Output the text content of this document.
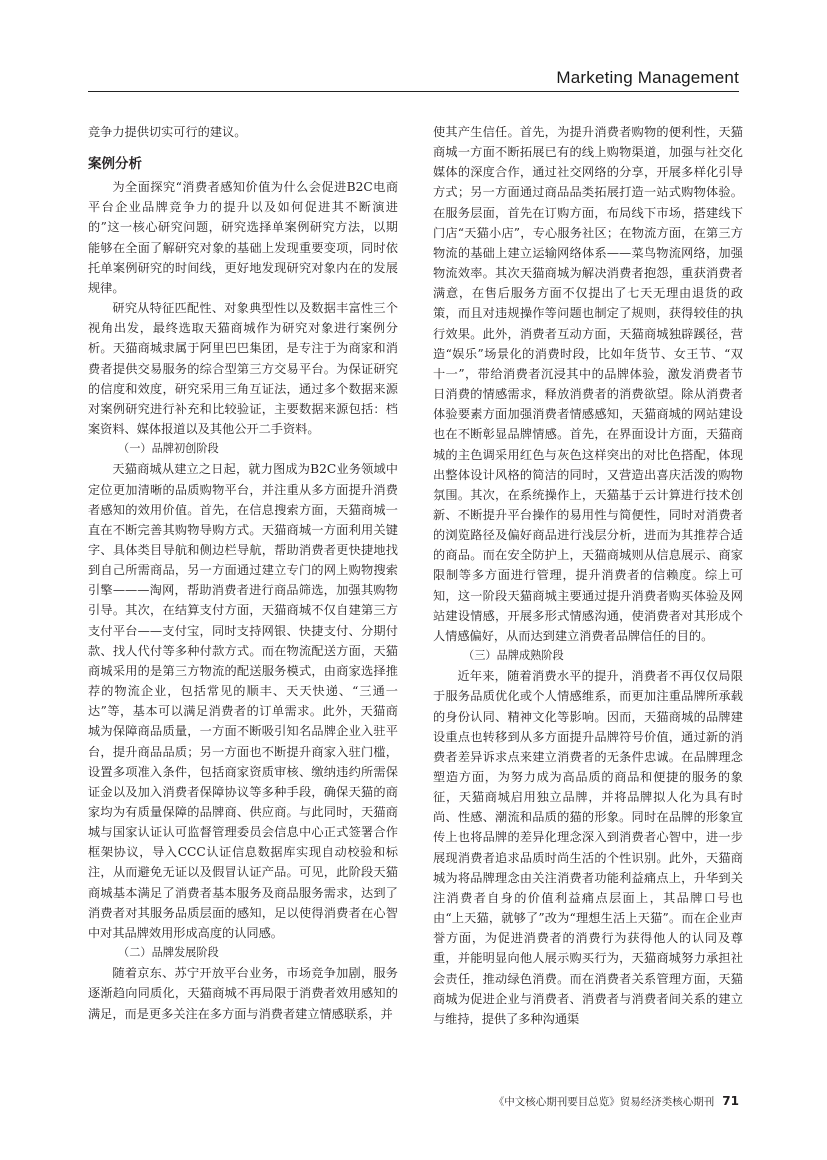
Marketing Management

竞争力提供切实可行的建议。

案例分析

为全面探究“消费者感知价值为什么会促进B2C电商平台企业品牌竞争力的提升以及如何促进其不断演进的”这一核心研究问题，研究选择单案例研究方法，以期能够在全面了解研究对象的基础上发现重要变项，同时依托单案例研究的时间线，更好地发现研究对象内在的发展规律。

研究从特征匹配性、对象典型性以及数据丰富性三个视角出发，最终选取天猫商城作为研究对象进行案例分析。天猫商城隶属于阿里巴巴集团，是专注于为商家和消费者提供交易服务的综合型第三方交易平台。为保证研究的信度和效度，研究采用三角互证法，通过多个数据来源对案例研究进行补充和比较验证，主要数据来源包括：档案资料、媒体报道以及其他公开二手资料。

（一）品牌初创阶段

天猫商城从建立之日起，就力图成为B2C业务领域中定位更加清晰的品质购物平台，并注重从多方面提升消费者感知的效用价值。首先，在信息搜索方面，天猫商城一直在不断完善其购物导购方式。天猫商城一方面利用关键字、具体类目导航和侧边栏导航，帮助消费者更快捷地找到自己所需商品，另一方面通过建立专门的网上购物搜索引擎———淘网，帮助消费者进行商品筛选，加强其购物引导。其次，在结算支付方面，天猫商城不仅自建第三方支付平台——支付宝，同时支持网银、快捷支付、分期付款、找人代付等多种付款方式。而在物流配送方面，天猫商城采用的是第三方物流的配送服务模式，由商家选择推荐的物流企业，包括常见的顺丰、天天快递、“三通一达”等，基本可以满足消费者的订单需求。此外，天猫商城为保障商品质量，一方面不断吸引知名品牌企业入驻平台，提升商品品质；另一方面也不断提升商家入驻门槛，设置多项准入条件，包括商家资质审核、缴纳违约所需保证金以及加入消费者保障协议等多种手段，确保天猫的商家均为有质量保障的品牌商、供应商。与此同时，天猫商城与国家认证认可监督管理委员会信息中心正式签署合作框架协议，导入CCC认证信息数据库实现自动校验和标注，从而避免无证以及假冒认证产品。可见，此阶段天猫商城基本满足了消费者基本服务及商品服务需求，达到了消费者对其服务品质层面的感知，足以使得消费者在心智中对其品牌效用形成高度的认同感。

（二）品牌发展阶段

随着京东、苏宁开放平台业务，市场竞争加剧，服务逐渐趋向同质化，天猫商城不再局限于消费者效用感知的满足，而是更多关注在多方面与消费者建立情感联系，并

使其产生信任。首先，为提升消费者购物的便利性，天猫商城一方面不断拓展已有的线上购物渠道，加强与社交化媒体的深度合作，通过社交网络的分享，开展多样化引导方式；另一方面通过商品品类拓展打造一站式购物体验。在服务层面，首先在订购方面，布局线下市场，搭建线下门店“天猫小店”，专心服务社区；在物流方面，在第三方物流的基础上建立运输网络体系——菜鸟物流网络，加强物流效率。其次天猫商城为解决消费者抱怨，重获消费者满意，在售后服务方面不仅提出了七天无理由退货的政策，而且对违规操作等问题也制定了规则，获得较佳的执行效果。此外，消费者互动方面，天猫商城独辟蹊径，营造“娱乐”场景化的消费时段，比如年货节、女王节、“双十一”，带给消费者沉浸其中的品牌体验，激发消费者节日消费的情感需求，释放消费者的消费欲望。除从消费者体验要素方面加强消费者情感感知，天猫商城的网站建设也在不断彰显品牌情感。首先，在界面设计方面，天猫商城的主色调采用红色与灰色这样突出的对比色搭配，体现出整体设计风格的简洁的同时，又营造出喜庆活泼的购物氛围。其次，在系统操作上，天猫基于云计算进行技术创新、不断提升平台操作的易用性与简便性，同时对消费者的浏览路径及偏好商品进行浅层分析，进而为其推荐合适的商品。而在安全防护上，天猫商城则从信息展示、商家限制等多方面进行管理，提升消费者的信赖度。综上可知，这一阶段天猫商城主要通过提升消费者购买体验及网站建设情感，开展多形式情感沟通，使消费者对其形成个人情感偏好，从而达到建立消费者品牌信任的目的。

（三）品牌成熟阶段

近年来，随着消费水平的提升，消费者不再仅仅局限于服务品质优化或个人情感维系，而更加注重品牌所承载的身份认同、精神文化等影响。因而，天猫商城的品牌建设重点也转移到从多方面提升品牌符号价值，通过新的消费者差异诉求点来建立消费者的无条件忠诚。在品牌理念塑造方面，为努力成为高品质的商品和便捷的服务的象征，天猫商城启用独立品牌，并将品牌拟人化为具有时尚、性感、潮流和品质的猫的形象。同时在品牌的形象宣传上也将品牌的差异化理念深入到消费者心智中，进一步展现消费者追求品质时尚生活的个性识别。此外，天猫商城为将品牌理念由关注消费者功能利益痛点上，升华到关注消费者自身的价值利益痛点层面上，其品牌口号也由“上天猫，就够了”改为“理想生活上天猫”。而在企业声誉方面，为促进消费者的消费行为获得他人的认同及尊重，并能明显向他人展示购买行为，天猫商城努力承担社会责任，推动绿色消费。而在消费者关系管理方面，天猫商城为促进企业与消费者、消费者与消费者间关系的建立与维持，提供了多种沟通渠

《中文核心期刊要目总览》贸易经济类核心期刊 71
